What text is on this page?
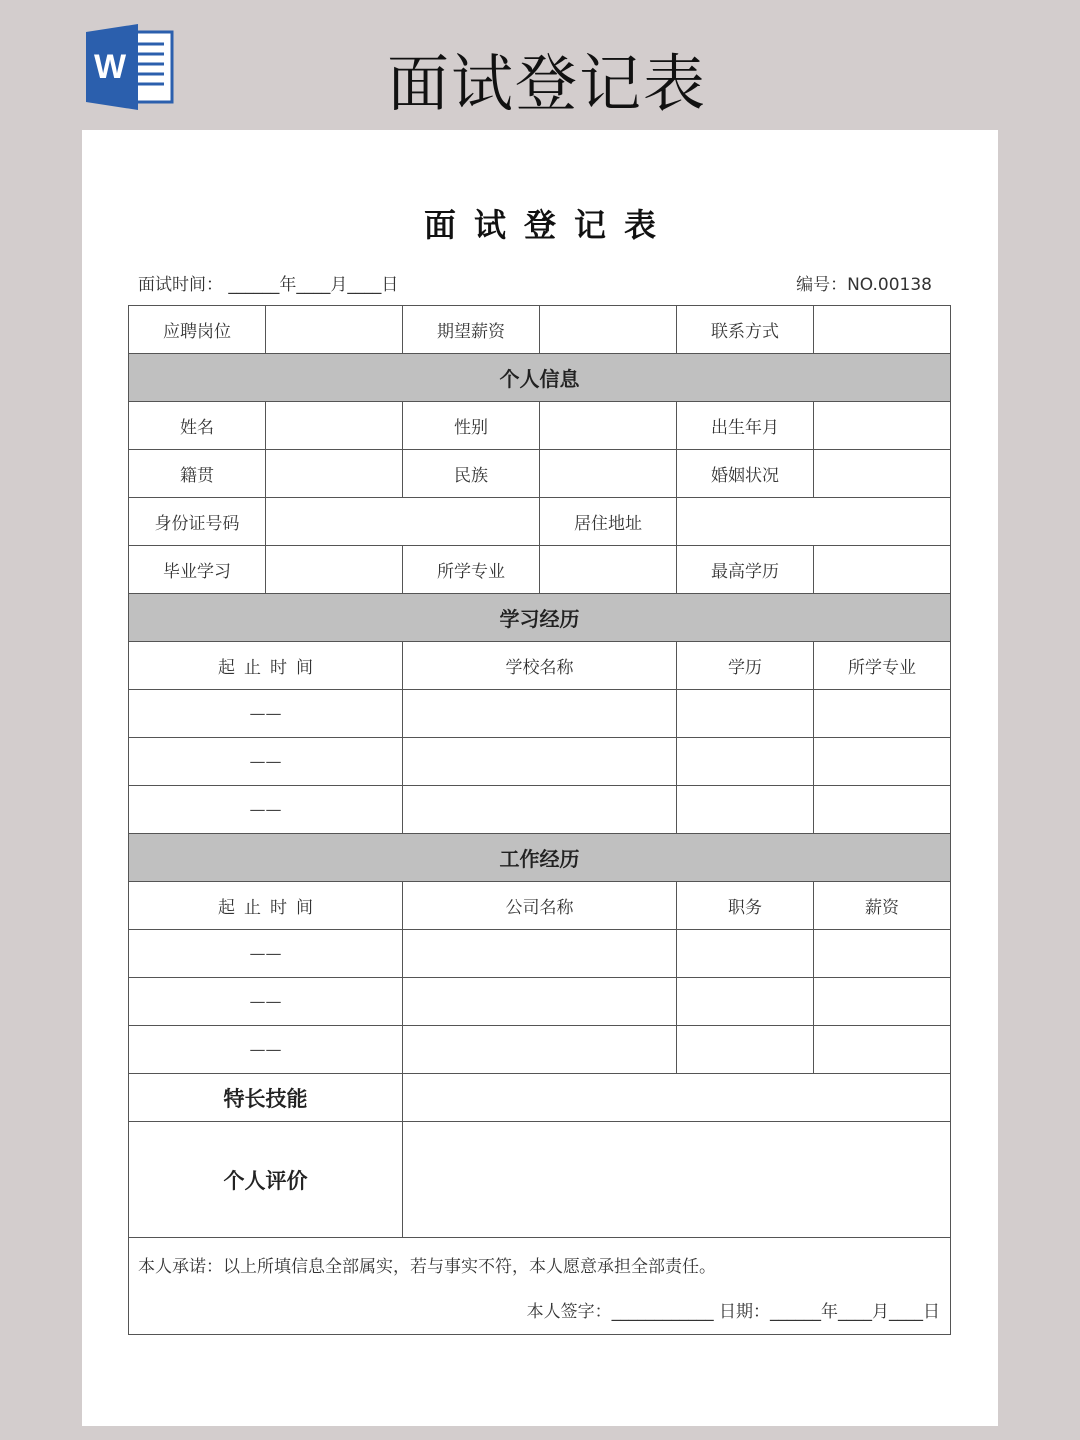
W	面试登记表
面试登记表
面试时间： ______年____月____日	编号：NO.00138
应聘岗位		期望薪资		联系方式	
个人信息					
姓名		性别		出生年月	
籍贯		民族		婚姻状况	
身份证号码			居住地址		
毕业学习		所学专业		最高学历	
学习经历					
起止时间		学校名称		学历	所学专业
——					
——					
——					
工作经历					
起止时间		公司名称		职务	薪资
——					
——					
——					
特长技能					
个人评价					

本人承诺：以上所填信息全部属实，若与事实不符，本人愿意承担全部责任。
本人签字：____________ 日期：______年____月____日					
